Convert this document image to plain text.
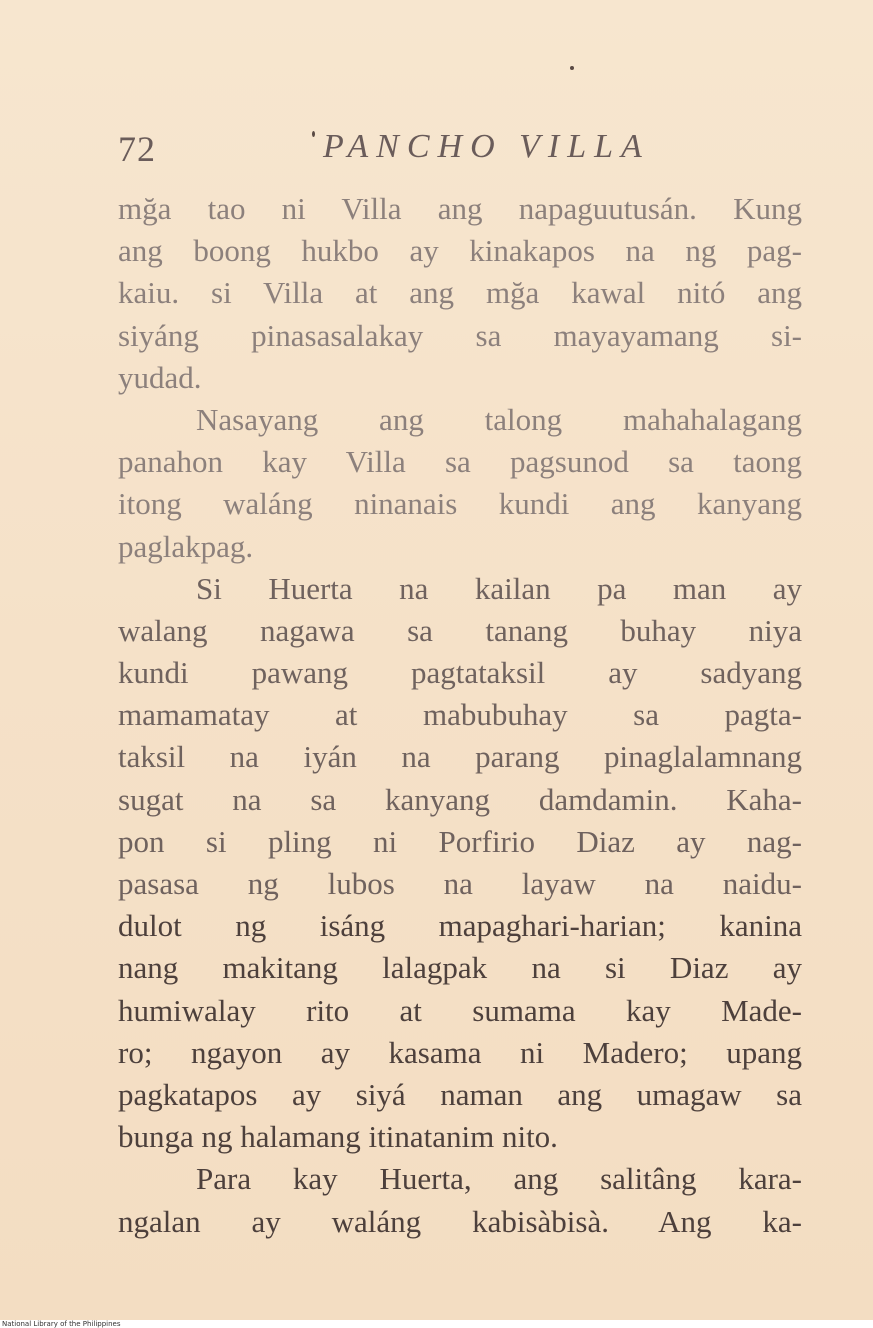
72	PANCHO VILLA
mğa tao ni Villa ang napaguutusán. Kung
ang boong hukbo ay kinakapos na ng pag-
kaiu. si Villa at ang mğa kawal nitó ang
siyáng pinasasalakay sa mayayamang si-
yudad.
Nasayang ang talong mahahalagang
panahon kay Villa sa pagsunod sa taong
itong waláng ninanais kundi ang kanyang
paglakpag.
Si Huerta na kailan pa man ay
walang nagawa sa tanang buhay niya
kundi pawang pagtataksil ay sadyang
mamamatay at mabubuhay sa pagta-
taksil na iyán na parang pinaglalamnang
sugat na sa kanyang damdamin. Kaha-
pon si pling ni Porfirio Diaz ay nag-
pasasa ng lubos na layaw na naidu-
dulot ng isáng mapaghari-harian; kanina
nang makitang lalagpak na si Diaz ay
humiwalay rito at sumama kay Made-
ro; ngayon ay kasama ni Madero; upang
pagkatapos ay siyá naman ang umagaw sa
bunga ng halamang itinatanim nito.
Para kay Huerta, ang salitâng kara-
ngalan ay waláng kabisàbisà. Ang ka-
National Library of the Philippines
